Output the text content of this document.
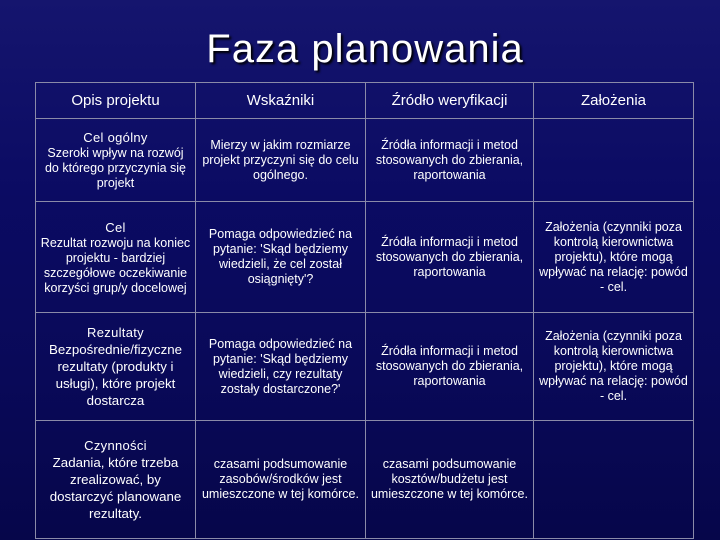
Faza planowania
Opis projektu	Wskaźniki	Źródło weryfikacji	Założenia

Cel ogólny
Szeroki wpływ na rozwój do którego przyczynia się projekt	Mierzy w jakim rozmiarze projekt przyczyni się do celu ogólnego.	Źródła informacji i metod stosowanych do zbierania, raportowania	

Cel
Rezultat rozwoju na koniec projektu - bardziej szczegółowe oczekiwanie korzyści grup/y docelowej	Pomaga odpowiedzieć na pytanie: 'Skąd będziemy wiedzieli, że cel został osiągnięty'?	Źródła informacji i metod stosowanych do zbierania, raportowania	Założenia (czynniki poza kontrolą kierownictwa projektu), które mogą wpływać na relację: powód - cel.

Rezultaty
Bezpośrednie/fizyczne rezultaty (produkty i usługi), które projekt dostarcza	Pomaga odpowiedzieć na pytanie: 'Skąd będziemy wiedzieli, czy rezultaty zostały dostarczone?'	Źródła informacji i metod stosowanych do zbierania, raportowania	Założenia (czynniki poza kontrolą kierownictwa projektu), które mogą wpływać na relację: powód - cel.

Czynności
Zadania, które trzeba zrealizować, by dostarczyć planowane rezultaty.	czasami podsumowanie zasobów/środków jest umieszczone w tej komórce.	czasami podsumowanie kosztów/budżetu jest umieszczone w tej komórce.	
